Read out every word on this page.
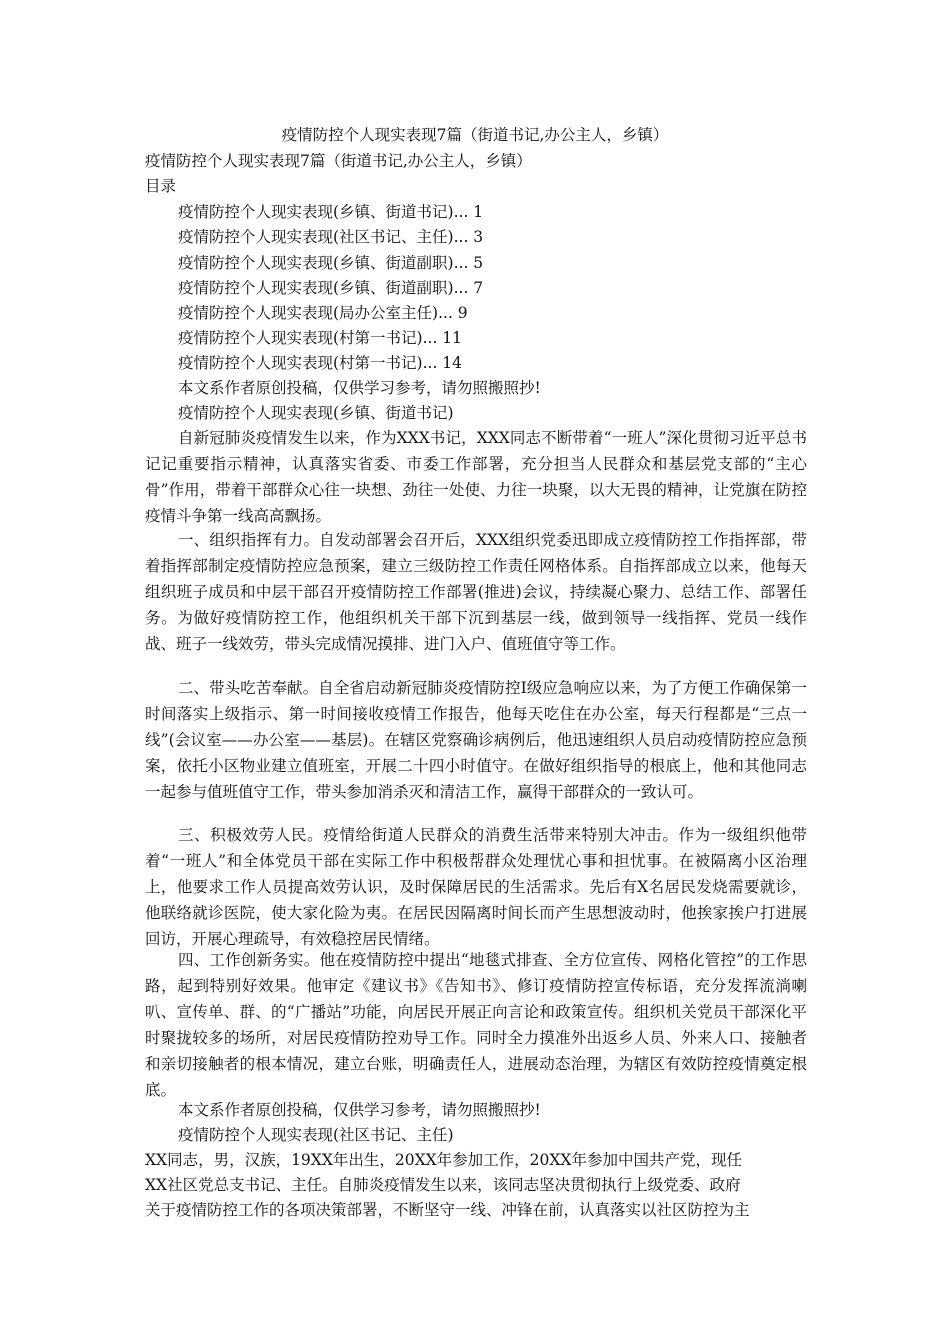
疫情防控个人现实表现7篇（街道书记,办公主人，乡镇）
疫情防控个人现实表现7篇（街道书记,办公主人，乡镇）
目录
疫情防控个人现实表现(乡镇、街道书记)... 1
疫情防控个人现实表现(社区书记、主任)... 3
疫情防控个人现实表现(乡镇、街道副职)... 5
疫情防控个人现实表现(乡镇、街道副职)... 7
疫情防控个人现实表现(局办公室主任)... 9
疫情防控个人现实表现(村第一书记)... 11
疫情防控个人现实表现(村第一书记)... 14
本文系作者原创投稿，仅供学习参考，请勿照搬照抄!
疫情防控个人现实表现(乡镇、街道书记)
自新冠肺炎疫情发生以来，作为XXX书记，XXX同志不断带着“一班人”深化贯彻习近平总书记记重要指示精神，认真落实省委、市委工作部署，充分担当人民群众和基层党支部的“主心骨”作用，带着干部群众心往一块想、劲往一处使、力往一块聚，以大无畏的精神，让党旗在防控疫情斗争第一线高高飘扬。
一、组织指挥有力。自发动部署会召开后，XXX组织党委迅即成立疫情防控工作指挥部，带着指挥部制定疫情防控应急预案，建立三级防控工作责任网格体系。自指挥部成立以来，他每天组织班子成员和中层干部召开疫情防控工作部署(推进)会议，持续凝心聚力、总结工作、部署任务。为做好疫情防控工作，他组织机关干部下沉到基层一线，做到领导一线指挥、党员一线作战、班子一线效劳，带头完成情况摸排、进门入户、值班值守等工作。
二、带头吃苦奉献。自全省启动新冠肺炎疫情防控Ⅰ级应急响应以来，为了方便工作确保第一时间落实上级指示、第一时间接收疫情工作报告，他每天吃住在办公室，每天行程都是“三点一线”(会议室——办公室——基层)。在辖区党察确诊病例后，他迅速组织人员启动疫情防控应急预案，依托小区物业建立值班室，开展二十四小时值守。在做好组织指导的根底上，他和其他同志一起参与值班值守工作，带头参加消杀灭和清洁工作，赢得干部群众的一致认可。
三、积极效劳人民。疫情给街道人民群众的消费生活带来特别大冲击。作为一级组织他带着“一班人”和全体党员干部在实际工作中积极帮群众处理忧心事和担忧事。在被隔离小区治理上，他要求工作人员提高效劳认识，及时保障居民的生活需求。先后有X名居民发烧需要就诊，他联络就诊医院，使大家化险为夷。在居民因隔离时间长而产生思想波动时，他挨家挨户打进展回访，开展心理疏导，有效稳控居民情绪。
四、工作创新务实。他在疫情防控中提出“地毯式排查、全方位宣传、网格化管控”的工作思路，起到特别好效果。他审定《建议书》《告知书》、修订疫情防控宣传标语，充分发挥流淌喇叭、宣传单、群、的“广播站”功能，向居民开展正向言论和政策宣传。组织机关党员干部深化平时聚拢较多的场所，对居民疫情防控劝导工作。同时全力摸准外出返乡人员、外来人口、接触者和亲切接触者的根本情况，建立台账，明确责任人，进展动态治理，为辖区有效防控疫情奠定根底。
本文系作者原创投稿，仅供学习参考，请勿照搬照抄!
疫情防控个人现实表现(社区书记、主任)
XX同志，男，汉族，19XX年出生，20XX年参加工作，20XX年参加中国共产党，现任
XX社区党总支书记、主任。自肺炎疫情发生以来，该同志坚决贯彻执行上级党委、政府
关于疫情防控工作的各项决策部署，不断坚守一线、冲锋在前，认真落实以社区防控为主
